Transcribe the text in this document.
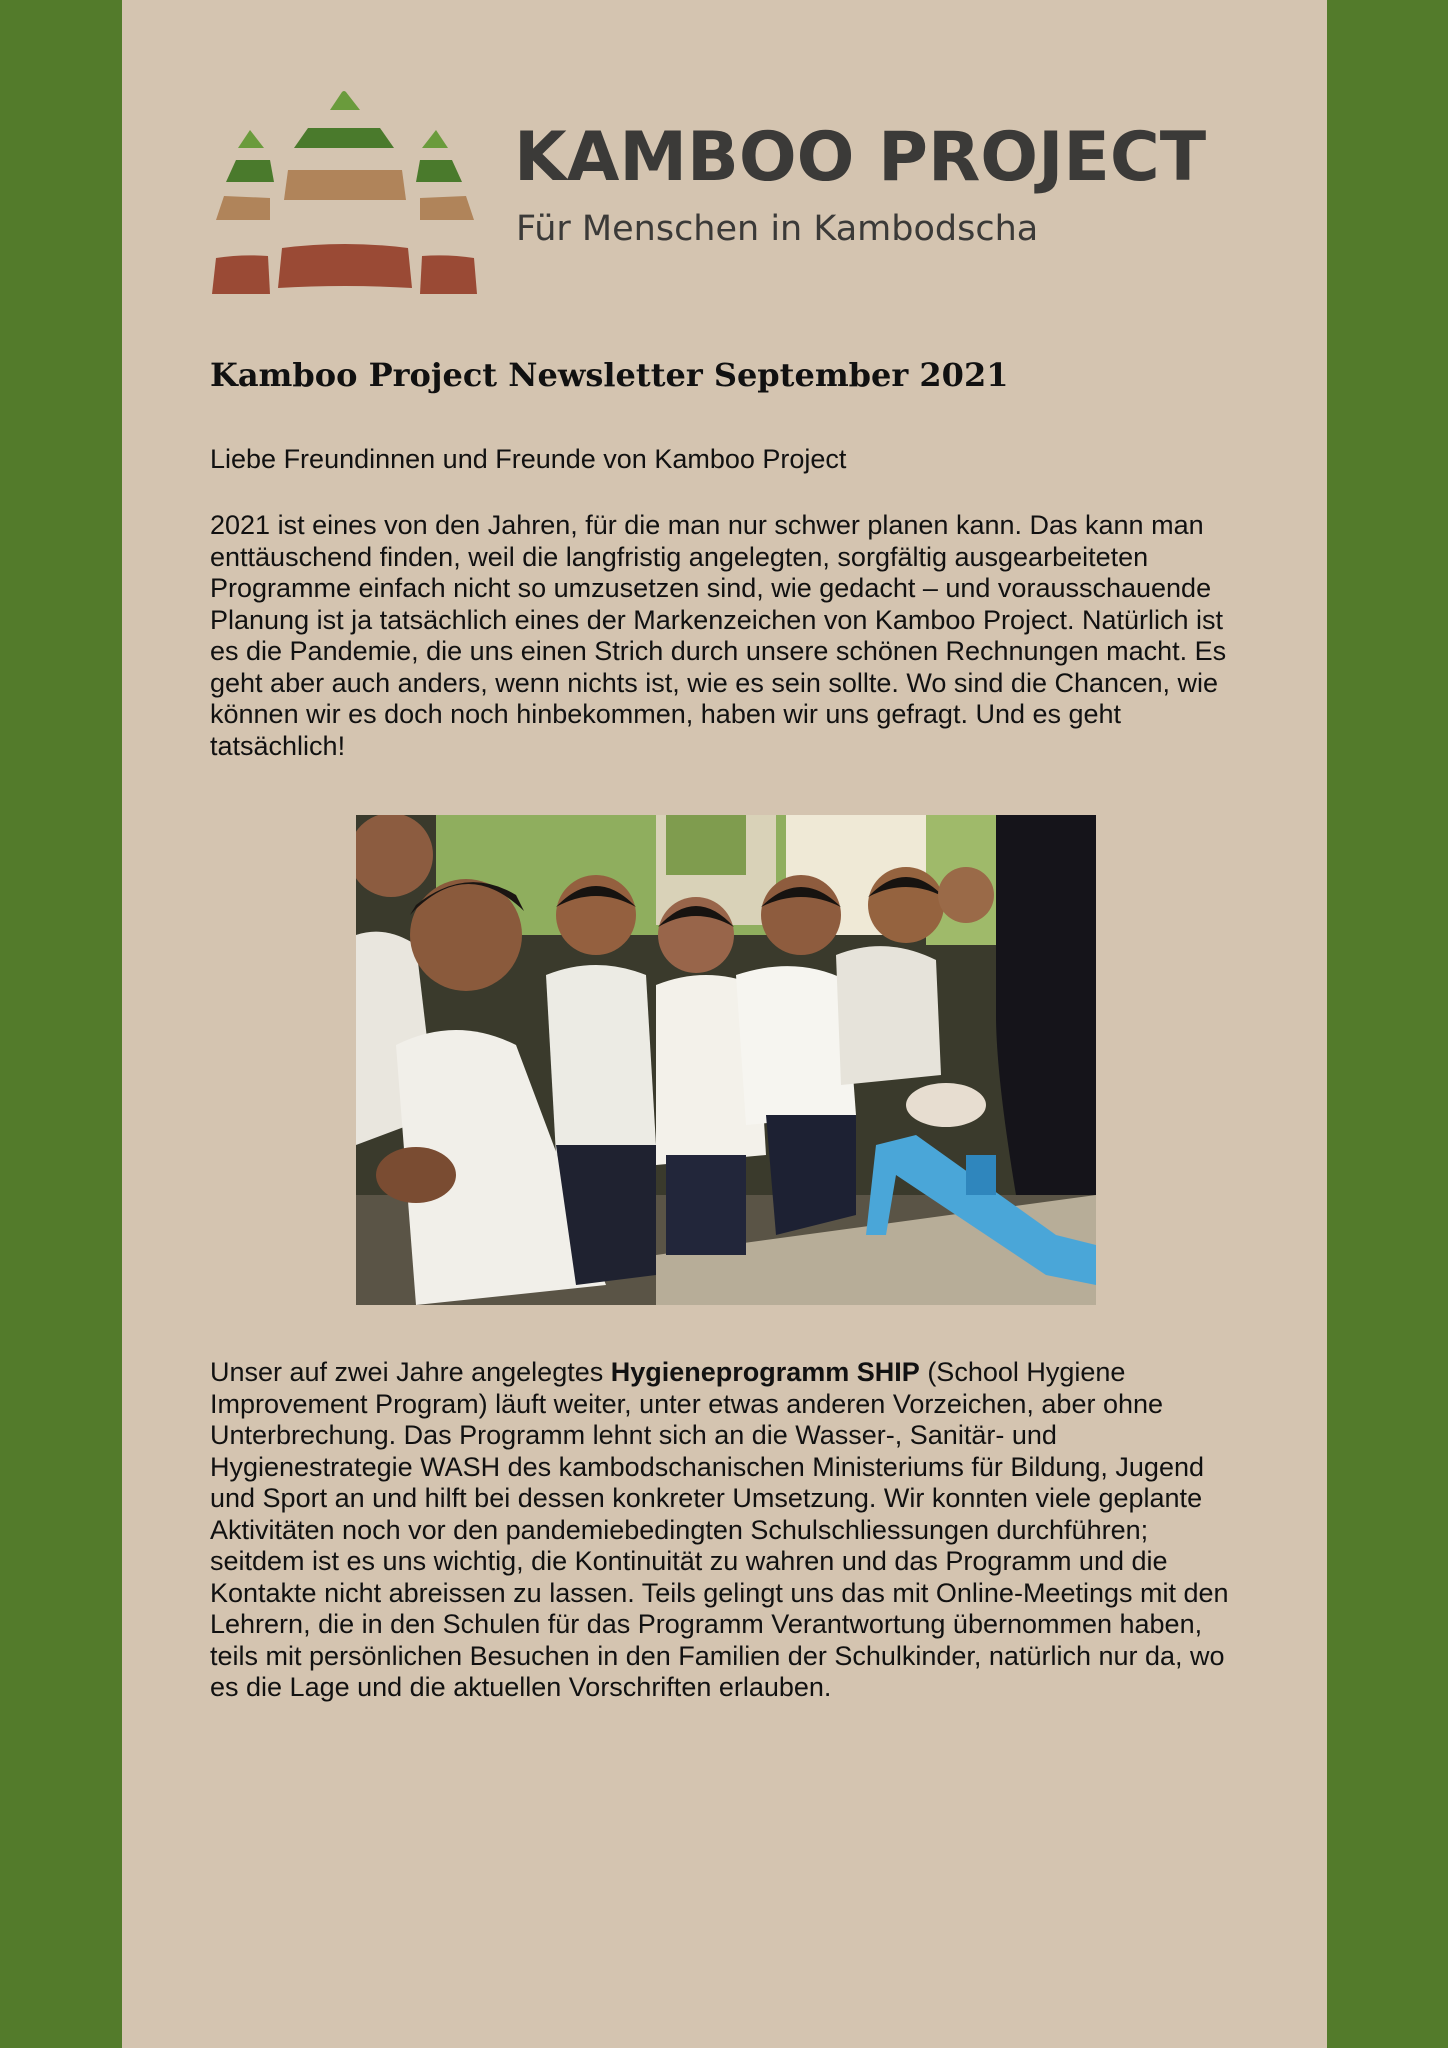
KAMBOO PROJECT
Für Menschen in Kambodscha
Kamboo Project Newsletter September 2021

Liebe Freundinnen und Freunde von Kamboo Project

2021 ist eines von den Jahren, für die man nur schwer planen kann. Das kann man enttäuschend finden, weil die langfristig angelegten, sorgfältig ausgearbeiteten Programme einfach nicht so umzusetzen sind, wie gedacht – und vorausschauende Planung ist ja tatsächlich eines der Markenzeichen von Kamboo Project. Natürlich ist es die Pandemie, die uns einen Strich durch unsere schönen Rechnungen macht. Es geht aber auch anders, wenn nichts ist, wie es sein sollte. Wo sind die Chancen, wie können wir es doch noch hinbekommen, haben wir uns gefragt. Und es geht tatsächlich!

Unser auf zwei Jahre angelegtes Hygieneprogramm SHIP (School Hygiene Improvement Program) läuft weiter, unter etwas anderen Vorzeichen, aber ohne Unterbrechung. Das Programm lehnt sich an die Wasser-, Sanitär- und Hygienestrategie WASH des kambodschanischen Ministeriums für Bildung, Jugend und Sport an und hilft bei dessen konkreter Umsetzung. Wir konnten viele geplante Aktivitäten noch vor den pandemiebedingten Schulschliessungen durchführen; seitdem ist es uns wichtig, die Kontinuität zu wahren und das Programm und die Kontakte nicht abreissen zu lassen. Teils gelingt uns das mit Online-Meetings mit den Lehrern, die in den Schulen für das Programm Verantwortung übernommen haben, teils mit persönlichen Besuchen in den Familien der Schulkinder, natürlich nur da, wo es die Lage und die aktuellen Vorschriften erlauben.
